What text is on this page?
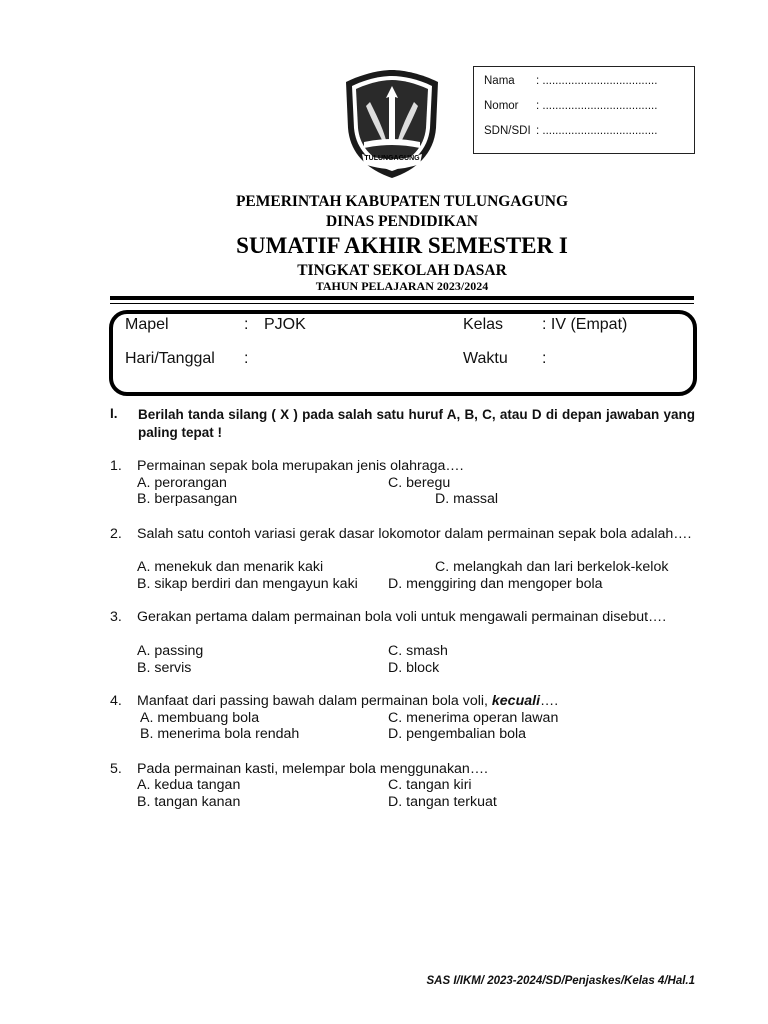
TULUNGAGUNG
Nama : ....................................
Nomor : ....................................
SDN/SDI : ....................................
PEMERINTAH KABUPATEN TULUNGAGUNG
DINAS PENDIDIKAN
SUMATIF AKHIR SEMESTER I
TINGKAT SEKOLAH DASAR
TAHUN PELAJARAN 2023/2024
Mapel	: PJOK	Kelas : IV (Empat)
Hari/Tanggal :	Waktu :
I. Berilah tanda silang ( X ) pada salah satu huruf A, B, C, atau D di depan jawaban yang paling tepat !
1. Permainan sepak bola merupakan jenis olahraga….
A. perorangan	C. beregu
B. berpasangan	D. massal
2. Salah satu contoh variasi gerak dasar lokomotor dalam permainan sepak bola adalah….
A. menekuk dan menarik kaki	C. melangkah dan lari berkelok-kelok
B. sikap berdiri dan mengayun kaki D. menggiring dan mengoper bola
3. Gerakan pertama dalam permainan bola voli untuk mengawali permainan disebut….
A. passing	C. smash
B. servis	D. block
4. Manfaat dari passing bawah dalam permainan bola voli, kecuali….
A. membuang bola	C. menerima operan lawan
B. menerima bola rendah	D. pengembalian bola
5. Pada permainan kasti, melempar bola menggunakan….
A. kedua tangan	C. tangan kiri
B. tangan kanan	D. tangan terkuat
SAS I/IKM/ 2023-2024/SD/Penjaskes/Kelas 4/Hal.1
